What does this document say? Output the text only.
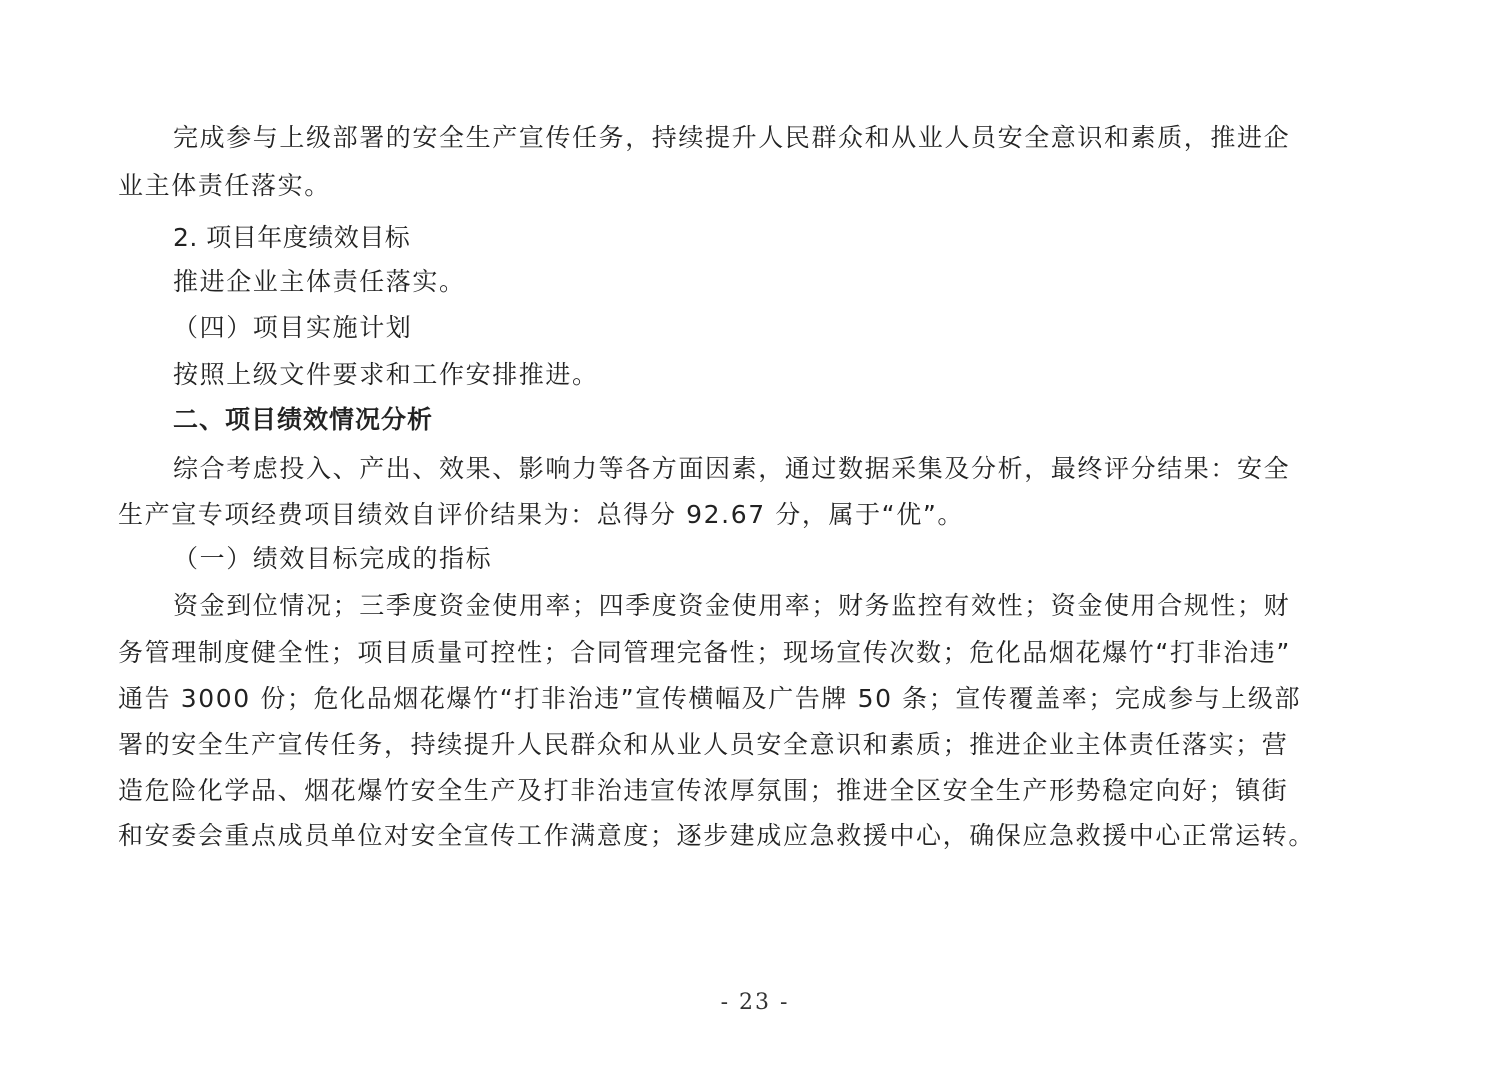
完成参与上级部署的安全生产宣传任务，持续提升人民群众和从业人员安全意识和素质，推进企
业主体责任落实。
2. 项目年度绩效目标
推进企业主体责任落实。
（四）项目实施计划
按照上级文件要求和工作安排推进。
二、项目绩效情况分析
综合考虑投入、产出、效果、影响力等各方面因素，通过数据采集及分析，最终评分结果：安全
生产宣专项经费项目绩效自评价结果为：总得分 92.67 分，属于“优”。
（一）绩效目标完成的指标
资金到位情况；三季度资金使用率；四季度资金使用率；财务监控有效性；资金使用合规性；财
务管理制度健全性；项目质量可控性；合同管理完备性；现场宣传次数；危化品烟花爆竹“打非治违”
通告 3000 份；危化品烟花爆竹“打非治违”宣传横幅及广告牌 50 条；宣传覆盖率；完成参与上级部
署的安全生产宣传任务，持续提升人民群众和从业人员安全意识和素质；推进企业主体责任落实；营
造危险化学品、烟花爆竹安全生产及打非治违宣传浓厚氛围；推进全区安全生产形势稳定向好；镇街
和安委会重点成员单位对安全宣传工作满意度；逐步建成应急救援中心，确保应急救援中心正常运转。
- 23 -
